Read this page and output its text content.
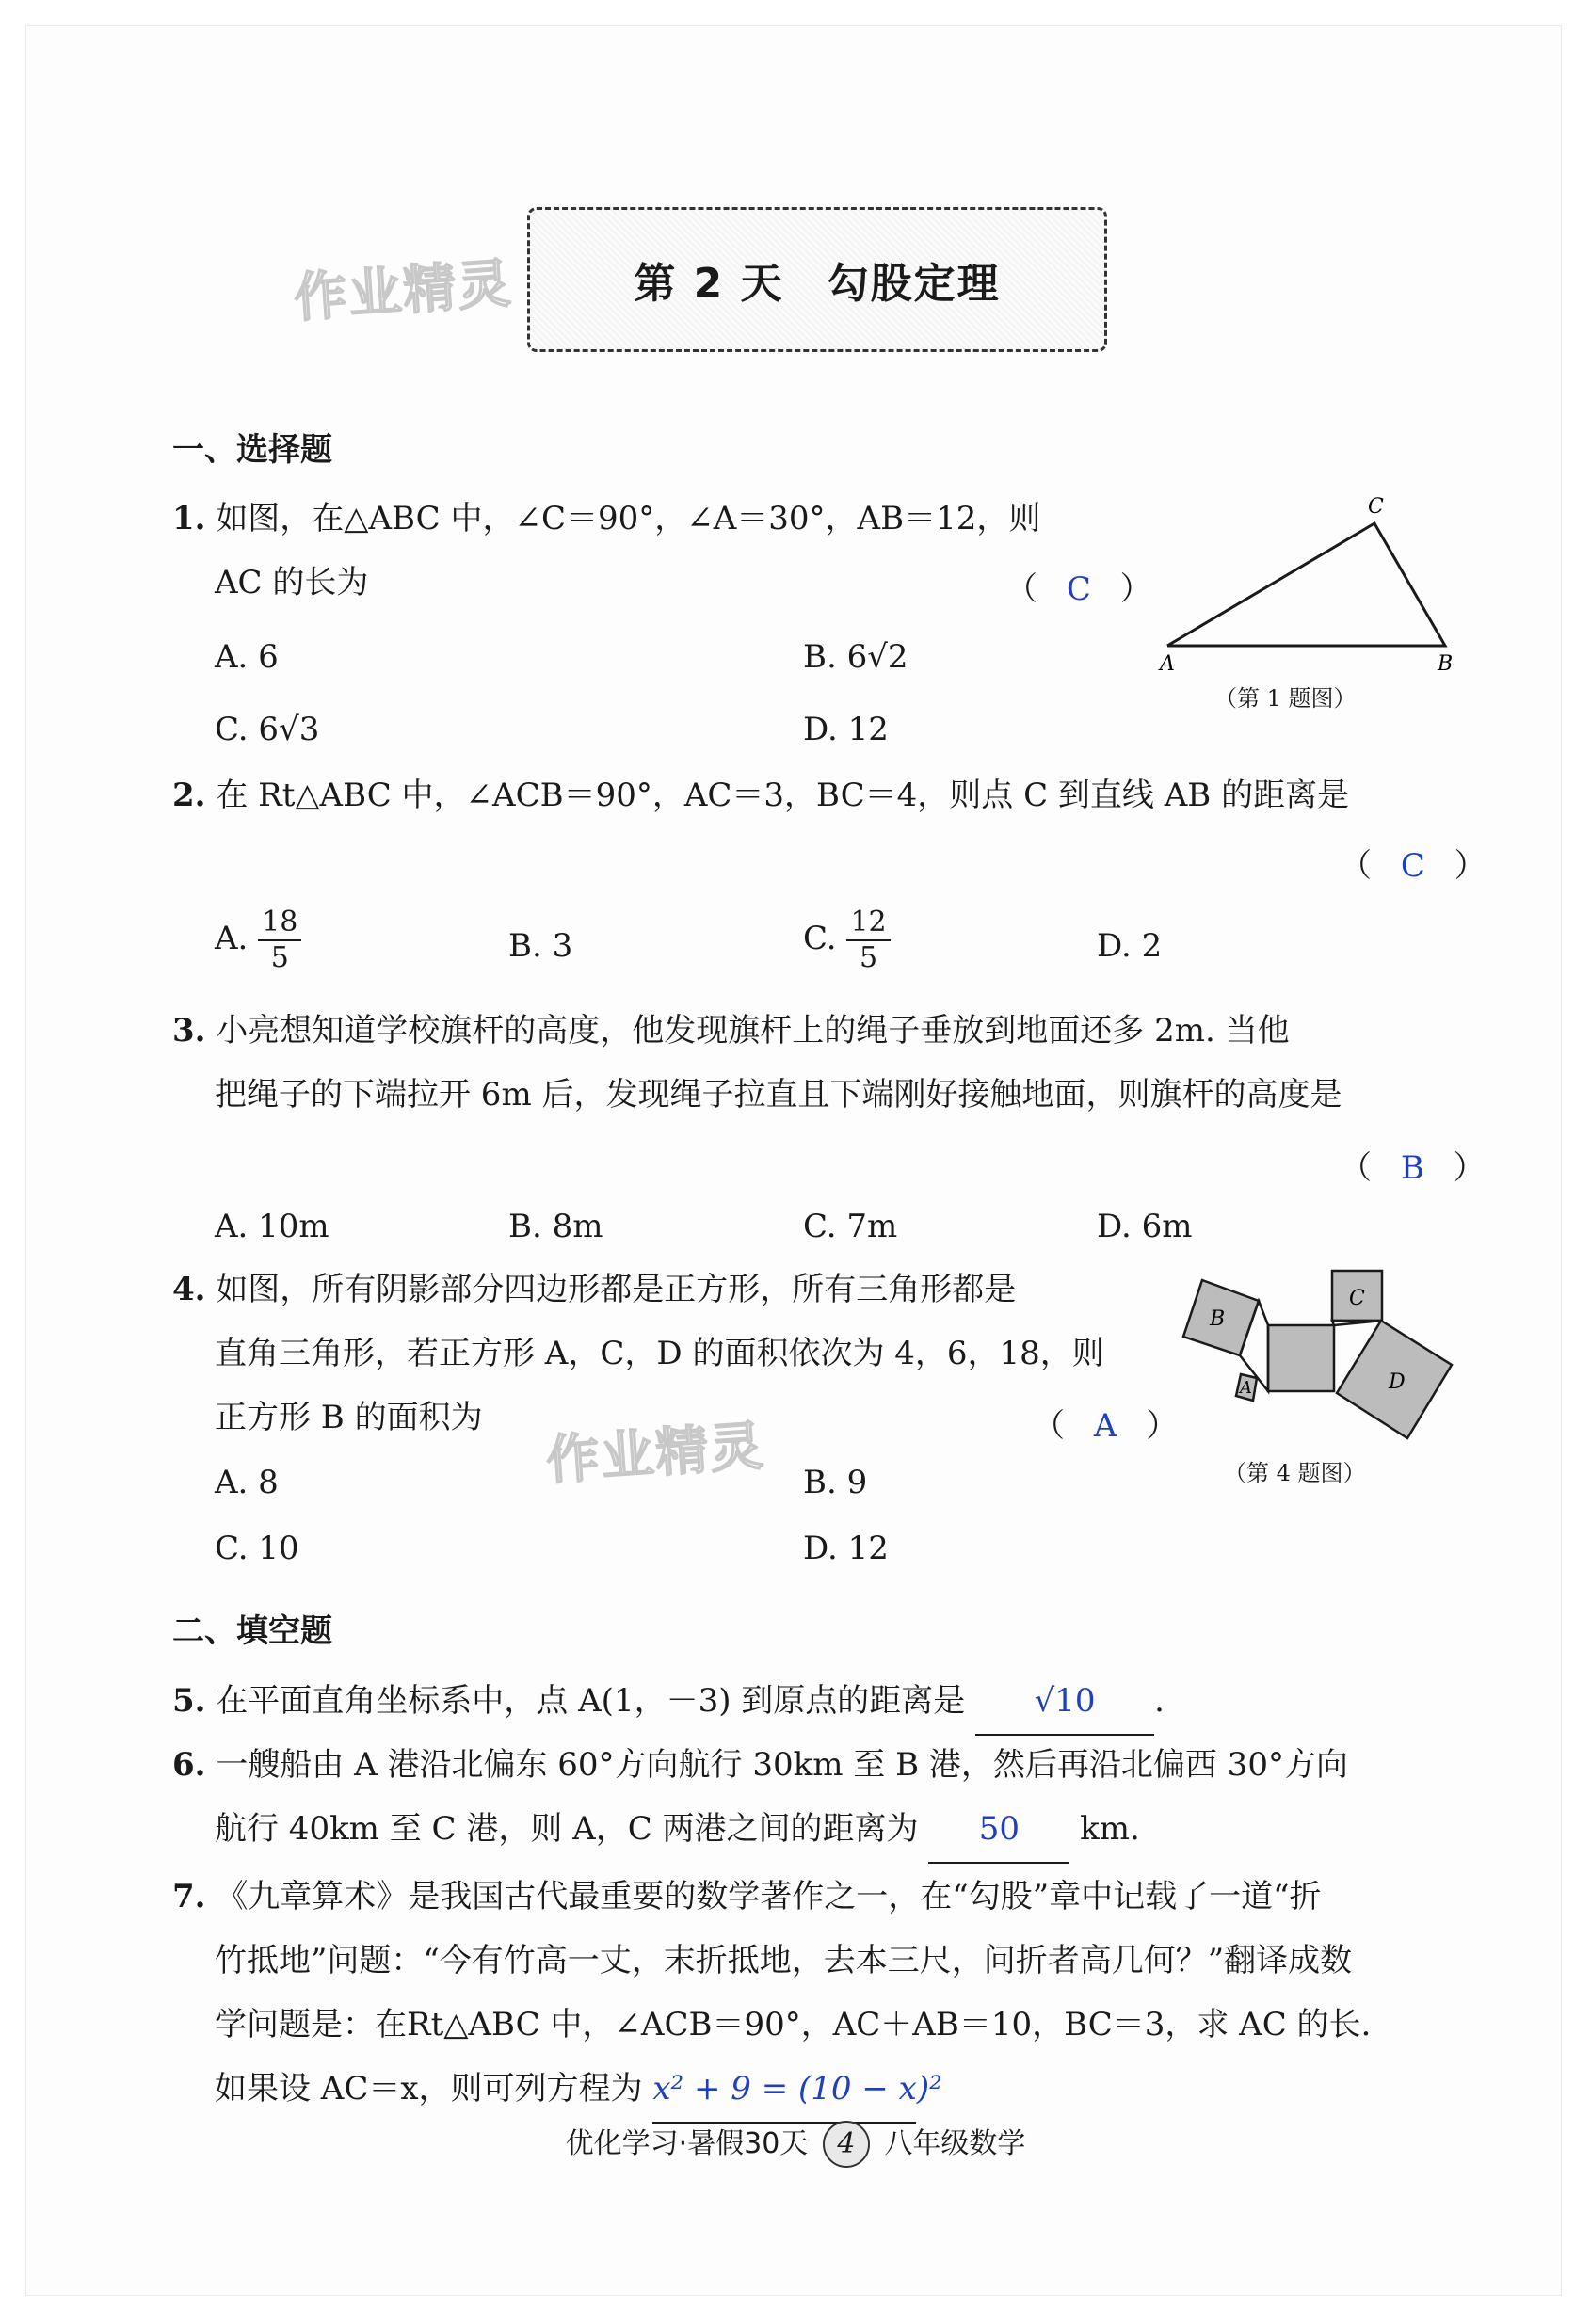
作业精灵
作业精灵
第 2 天　勾股定理
一、选择题
1. 如图，在△ABC 中，∠C＝90°，∠A＝30°，AB＝12，则
AC 的长为	（ C ）
A. 6	B. 6√2
C. 6√3	D. 12
A	B
C
（第 1 题图）
2. 在 Rt△ABC 中，∠ACB＝90°，AC＝3，BC＝4，则点 C 到直线 AB 的距离是
（ C ）
A. $\frac{18}{5}$	B. 3	C. $\frac{12}{5}$	D. 2
3. 小亮想知道学校旗杆的高度，他发现旗杆上的绳子垂放到地面还多 2m. 当他
把绳子的下端拉开 6m 后，发现绳子拉直且下端刚好接触地面，则旗杆的高度是
（ B ）
A. 10m	B. 8m	C. 7m	D. 6m
4. 如图，所有阴影部分四边形都是正方形，所有三角形都是
直角三角形，若正方形 A，C，D 的面积依次为 4，6，18，则
正方形 B 的面积为	（ A ）
A. 8	B. 9
C. 10	D. 12
C
B
A	D
（第 4 题图）
二、填空题
5. 在平面直角坐标系中，点 A(1，－3) 到原点的距离是 √10 .
6. 一艘船由 A 港沿北偏东 60°方向航行 30km 至 B 港，然后再沿北偏西 30°方向
航行 40km 至 C 港，则 A，C 两港之间的距离为 50 km.
7. 《九章算术》是我国古代最重要的数学著作之一，在“勾股”章中记载了一道“折
竹抵地”问题：“今有竹高一丈，末折抵地，去本三尺，问折者高几何？”翻译成数
学问题是：在Rt△ABC 中，∠ACB＝90°，AC＋AB＝10，BC＝3，求 AC 的长.
如果设 AC＝x，则可列方程为 x² + 9 = (10 − x)²
优化学习·暑假30天 4 八年级数学
